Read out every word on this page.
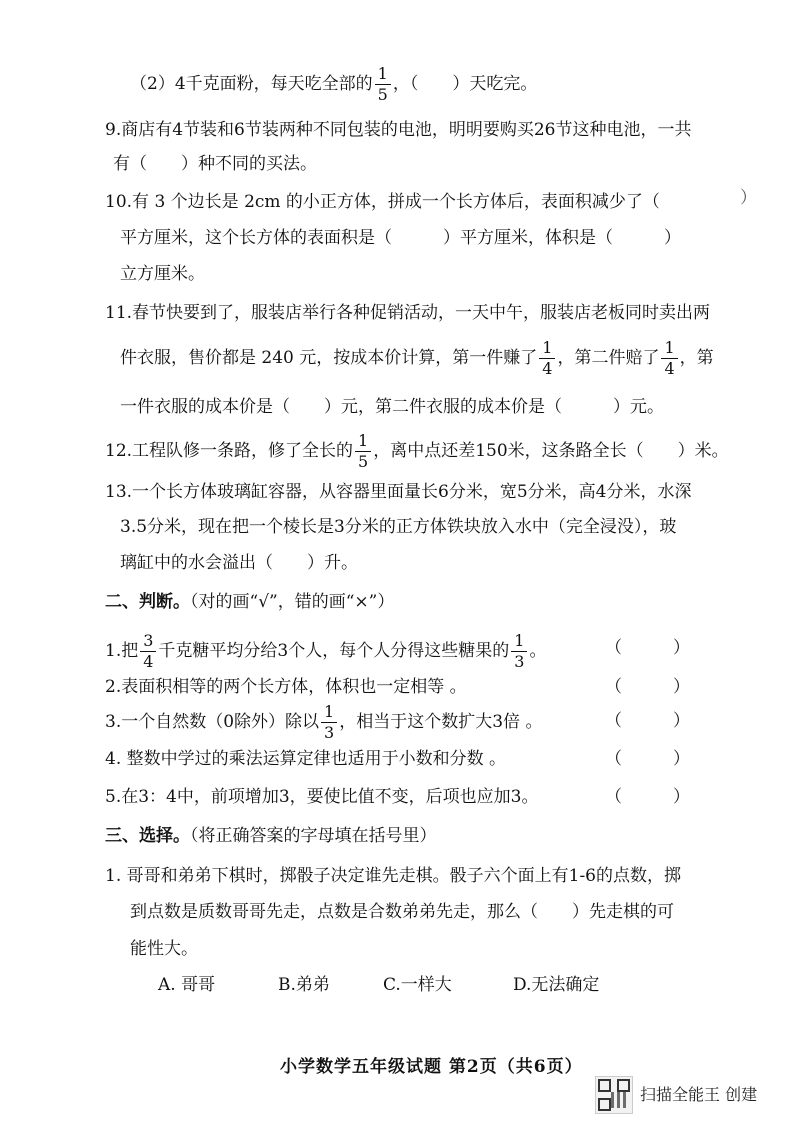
（2）4千克面粉，每天吃全部的 $\frac{1}{5}$ ，（　　）天吃完。
9.商店有4节装和6节装两种不同包装的电池，明明要购买26节这种电池，一共
有（　　）种不同的买法。
10.有 3 个边长是 2cm 的小正方体，拼成一个长方体后，表面积减少了（	）
平方厘米，这个长方体的表面积是（　　　）平方厘米，体积是（　　　）
立方厘米。
11.春节快要到了，服装店举行各种促销活动，一天中午，服装店老板同时卖出两
件衣服，售价都是 240 元，按成本价计算，第一件赚了 $\frac{1}{4}$ ，第二件赔了 $\frac{1}{4}$ ，第
一件衣服的成本价是（　　）元，第二件衣服的成本价是（　　　）元。
12.工程队修一条路，修了全长的 $\frac{1}{5}$ ，离中点还差150米，这条路全长（　　）米。
13.一个长方体玻璃缸容器，从容器里面量长6分米，宽5分米，高4分米，水深
3.5分米，现在把一个棱长是3分米的正方体铁块放入水中（完全浸没），玻
璃缸中的水会溢出（　　）升。
二、判断。（对的画“√”，错的画“×”）
1.把 $\frac{3}{4}$ 千克糖平均分给3个人，每个人分得这些糖果的 $\frac{1}{3}$ 。	（　　　）
2.表面积相等的两个长方体，体积也一定相等 。	（　　　）
3.一个自然数（0除外）除以 $\frac{1}{3}$ ，相当于这个数扩大3倍 。	（　　　）
4. 整数中学过的乘法运算定律也适用于小数和分数 。	（　　　）
5.在3：4中，前项增加3，要使比值不变，后项也应加3。	（　　　）
三、选择。（将正确答案的字母填在括号里）
1. 哥哥和弟弟下棋时，掷骰子决定谁先走棋。骰子六个面上有1-6的点数，掷
到点数是质数哥哥先走，点数是合数弟弟先走，那么（　　）先走棋的可
能性大。
A. 哥哥	B.弟弟	C.一样大	D.无法确定
小学数学五年级试题 第2页（共6页）
扫描全能王 创建
